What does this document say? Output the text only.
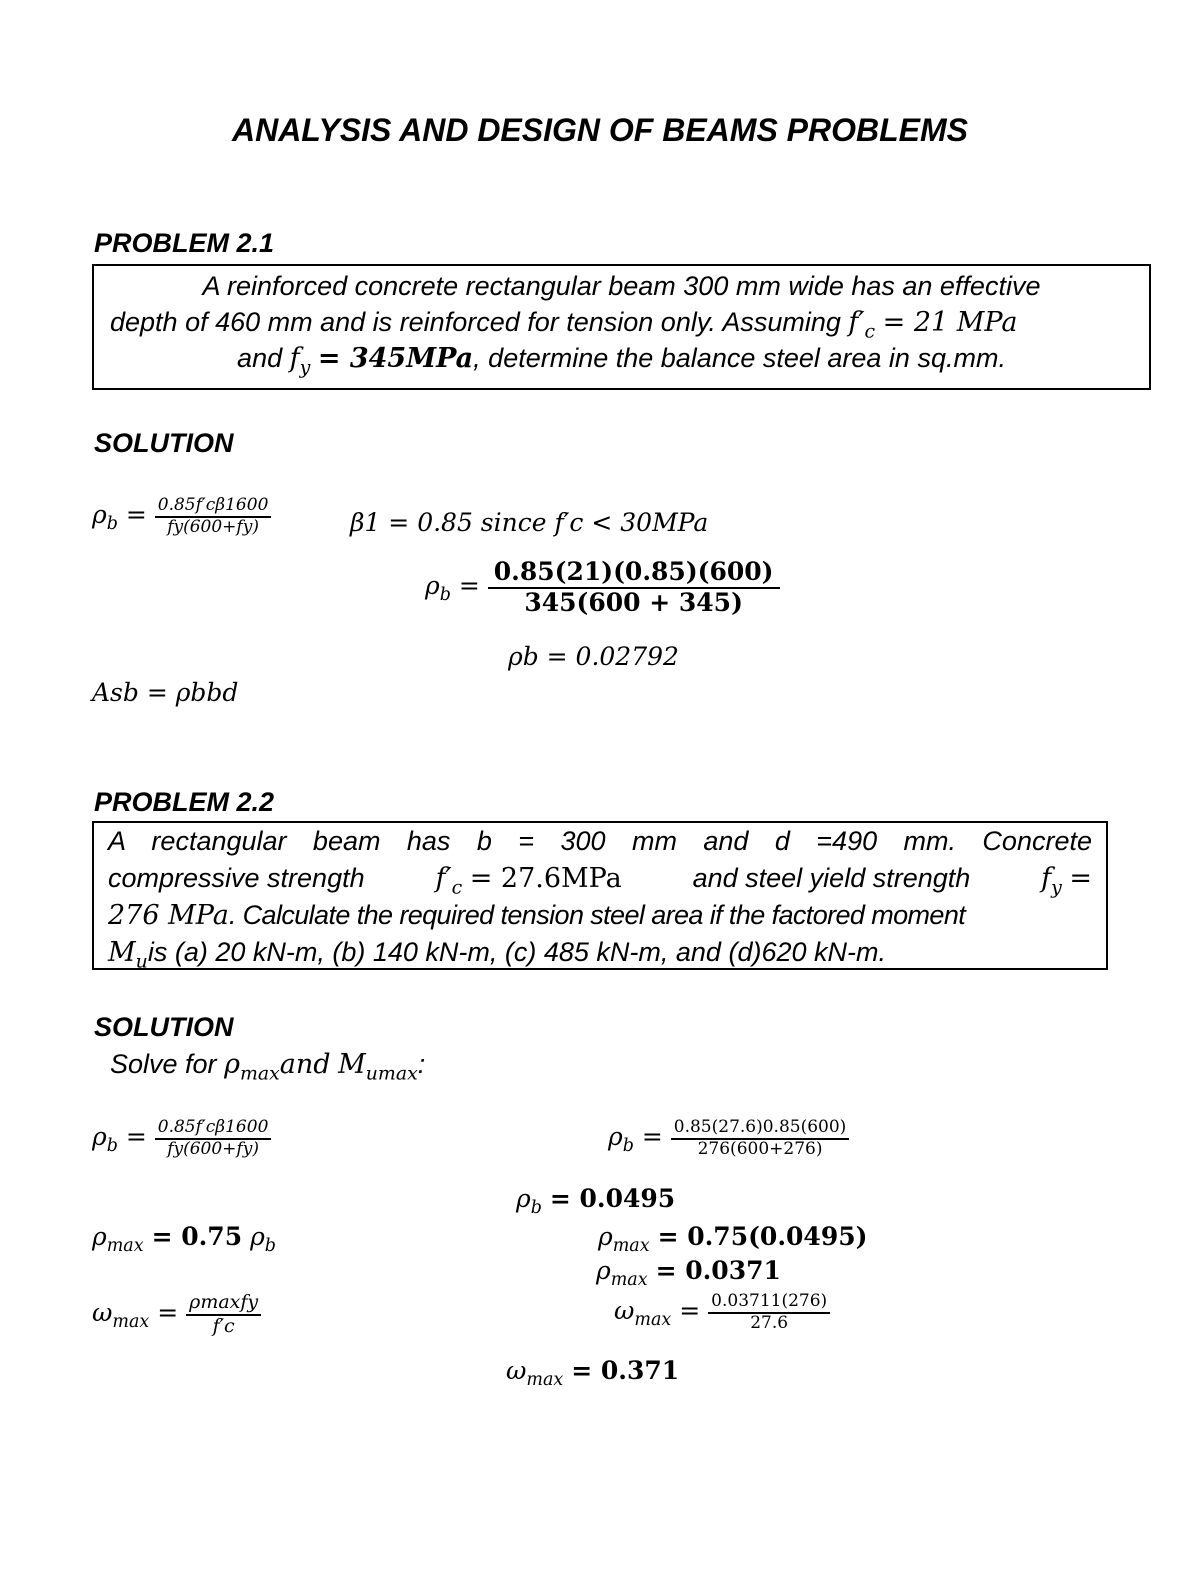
ANALYSIS AND DESIGN OF BEAMS PROBLEMS
PROBLEM 2.1
A reinforced concrete rectangular beam 300 mm wide has an effective
depth of 460 mm and is reinforced for tension only. Assuming $f'_c = 21$ MPa
and $f_y = 345MPa$, determine the balance steel area in sq.mm.
SOLUTION
$\rho_b = \frac{0.85f'c\beta 1600}{fy(600+fy)}$	β1 = 0.85 since f′c < 30MPa
$\rho_b = \frac{0.85(21)(0.85)(600)}{345(600 + 345)}$
ρb = 0.02792
Asb = ρbbd
PROBLEM 2.2
A rectangular beam has b = 300 mm and d =490 mm. Concrete
compressive strength	$f'_c = 27.6MPa$	and steel yield strength	$f_y$ =
276 MPa. Calculate the required tension steel area if the factored moment
$M_uis$ (a) 20 kN-m, (b) 140 kN-m, (c) 485 kN-m, and (d)620 kN-m.
SOLUTION
Solve for $\rho_{max}and$ $M_{umax}$:
$\rho_b = \frac{0.85f'c\beta 1600}{fy(600+fy)}$
$\rho_{max} = 0.75$ $\rho_b$
$\omega_{max} = \frac{\text{ρmaxfy}}{f'c}$
$\rho_b = \frac{0.85(27.6)0.85(600)}{276(600+276)}$
$\rho_b = 0.0495$
$\rho_{max} = 0.75(0.0495)$
$\rho_{max} = 0.0371$
$\omega_{max} = \frac{0.03711(276)}{27.6}$
$\omega_{max} = 0.371$
